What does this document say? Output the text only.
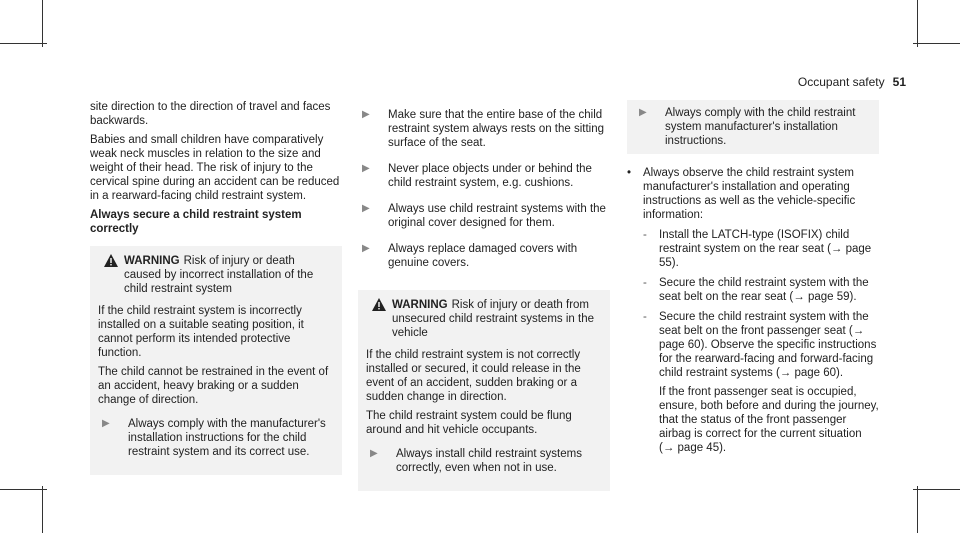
Occupant safety 51

site direction to the direction of travel and faces backwards.

Babies and small children have comparatively weak neck muscles in relation to the size and weight of their head. The risk of injury to the cervical spine during an accident can be reduced in a rearward-facing child restraint system.

Always secure a child restraint system correctly

WARNING Risk of injury or death caused by incorrect installation of the child restraint system

If the child restraint system is incorrectly installed on a suitable seating position, it cannot perform its intended protective function.

The child cannot be restrained in the event of an accident, heavy braking or a sudden change of direction.

▶	Always comply with the manufacturer's installation instructions for the child restraint system and its correct use.
▶	Make sure that the entire base of the child restraint system always rests on the sitting surface of the seat.
▶	Never place objects under or behind the child restraint system, e.g. cushions.
▶	Always use child restraint systems with the original cover designed for them.
▶	Always replace damaged covers with genuine covers.
WARNING Risk of injury or death from unsecured child restraint systems in the vehicle

If the child restraint system is not correctly installed or secured, it could release in the event of an accident, sudden braking or a sudden change in direction.

The child restraint system could be flung around and hit vehicle occupants.

▶	Always install child restraint systems correctly, even when not in use.
▶	Always comply with the child restraint system manufacturer's installation instructions.
•	Always observe the child restraint system manufacturer's installation and operating instructions as well as the vehicle-specific information:

-	Install the LATCH-type (ISOFIX) child restraint system on the rear seat (→ page 55).
-	Secure the child restraint system with the seat belt on the rear seat (→ page 59).
-	Secure the child restraint system with the seat belt on the front passenger seat (→ page 60). Observe the specific instructions for the rearward-facing and forward-facing child restraint systems (→ page 60).

If the front passenger seat is occupied, ensure, both before and during the journey, that the status of the front passenger airbag is correct for the current situation (→ page 45).
